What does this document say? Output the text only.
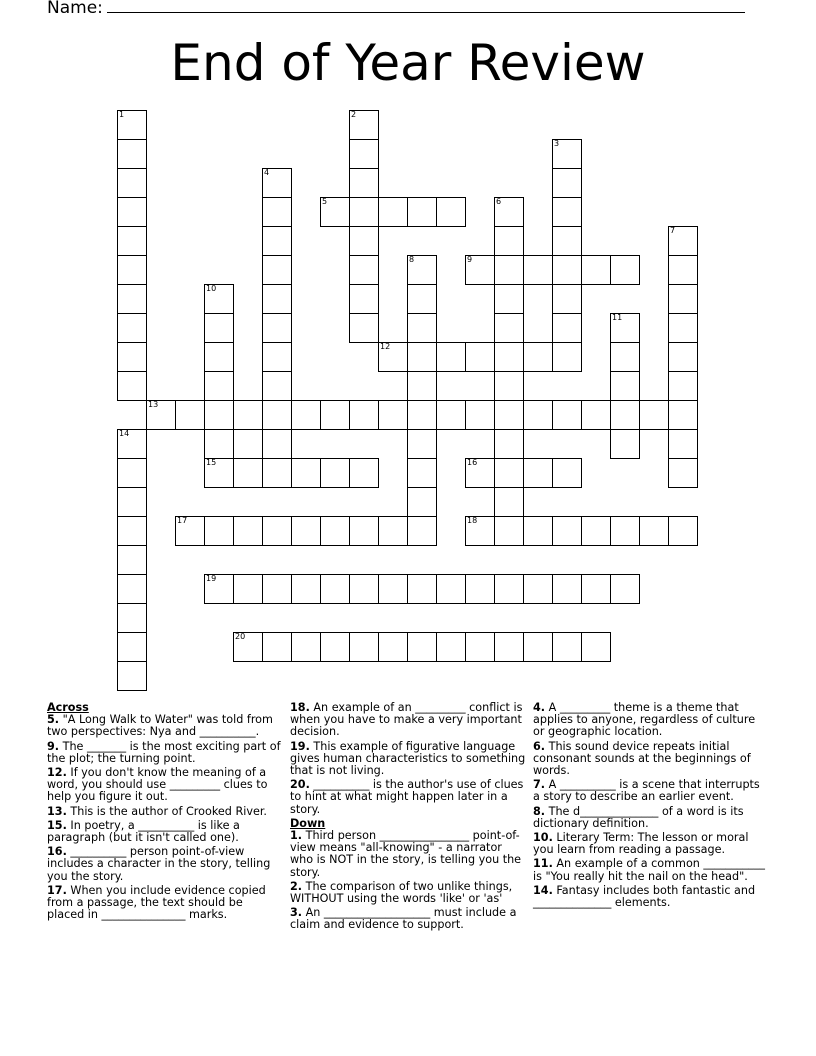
Name:
End of Year Review
1	2
3
4
5	6
7
8	9
10
11
12
13
14
15	16
17	18
19
20
Across

5. "A Long Walk to Water" was told from two perspectives: Nya and __________.

9. The _______ is the most exciting part of the plot; the turning point.

12. If you don't know the meaning of a word, you should use _________ clues to help you figure it out.

13. This is the author of Crooked River.

15. In poetry, a __________ is like a paragraph (but it isn't called one).

16. __________ person point-of-view includes a character in the story, telling you the story.

17. When you include evidence copied from a passage, the text should be placed in _______________ marks.

18. An example of an _________ conflict is when you have to make a very important decision.

19. This example of figurative language gives human characteristics to something that is not living.

20. __________ is the author's use of clues to hint at what might happen later in a story.

Down

1. Third person ________________ point-of-view means "all-knowing" - a narrator who is NOT in the story, is telling you the story.

2. The comparison of two unlike things, WITHOUT using the words 'like' or 'as'

3. An ___________________ must include a claim and evidence to support.

4. A _________ theme is a theme that applies to anyone, regardless of culture or geographic location.

6. This sound device repeats initial consonant sounds at the beginnings of words.

7. A __________ is a scene that interrupts a story to describe an earlier event.

8. The d______________ of a word is its dictionary definition.

10. Literary Term: The lesson or moral you learn from reading a passage.

11. An example of a common ___________ is "You really hit the nail on the head".

14. Fantasy includes both fantastic and ______________ elements.
